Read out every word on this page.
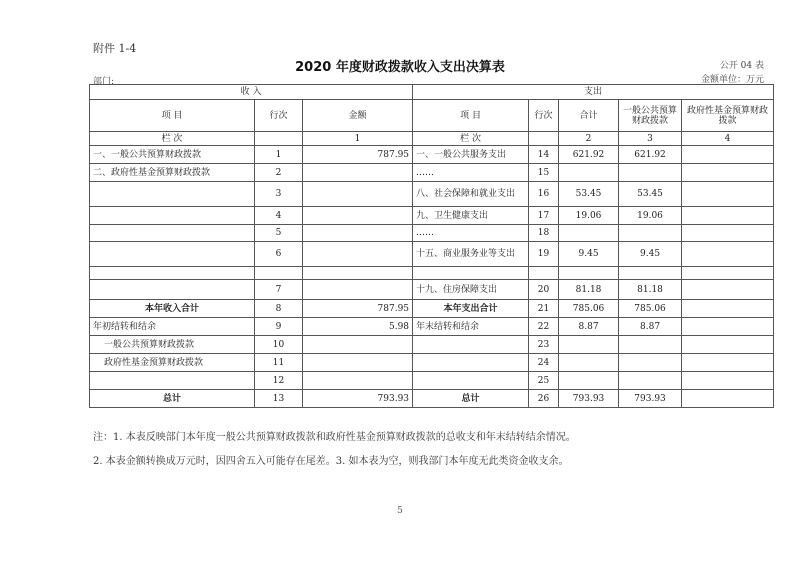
附件 1-4
2020 年度财政拨款收入支出决算表	公开 04 表
部门:	金额单位：万元
收 入			支出				
项 目	行次	金额	项 目	行次	合计	一般公共预算财政拨款	政府性基金预算财政拨款
栏 次		1	栏 次		2	3	4
一、一般公共预算财政拨款	1	787.95	一、一般公共服务支出	14	621.92	621.92	
二、政府性基金预算财政拨款	2		……	15			
	3		八、社会保障和就业支出	16	53.45	53.45	
	4		九、卫生健康支出	17	19.06	19.06	
	5		……	18			
	6		十五、商业服务业等支出	19	9.45	9.45	

	7		十九、住房保障支出	20	81.18	81.18	
本年收入合计	8	787.95	本年支出合计	21	785.06	785.06	
年初结转和结余	9	5.98	年末结转和结余	22	8.87	8.87	
一般公共预算财政拨款	10			23			
政府性基金预算财政拨款	11			24			
	12			25			
总计	13	793.93	总计	26	793.93	793.93	
注：1. 本表反映部门本年度一般公共预算财政拨款和政府性基金预算财政拨款的总收支和年末结转结余情况。
2. 本表金额转换成万元时，因四舍五入可能存在尾差。3. 如本表为空，则我部门本年度无此类资金收支余。
5
